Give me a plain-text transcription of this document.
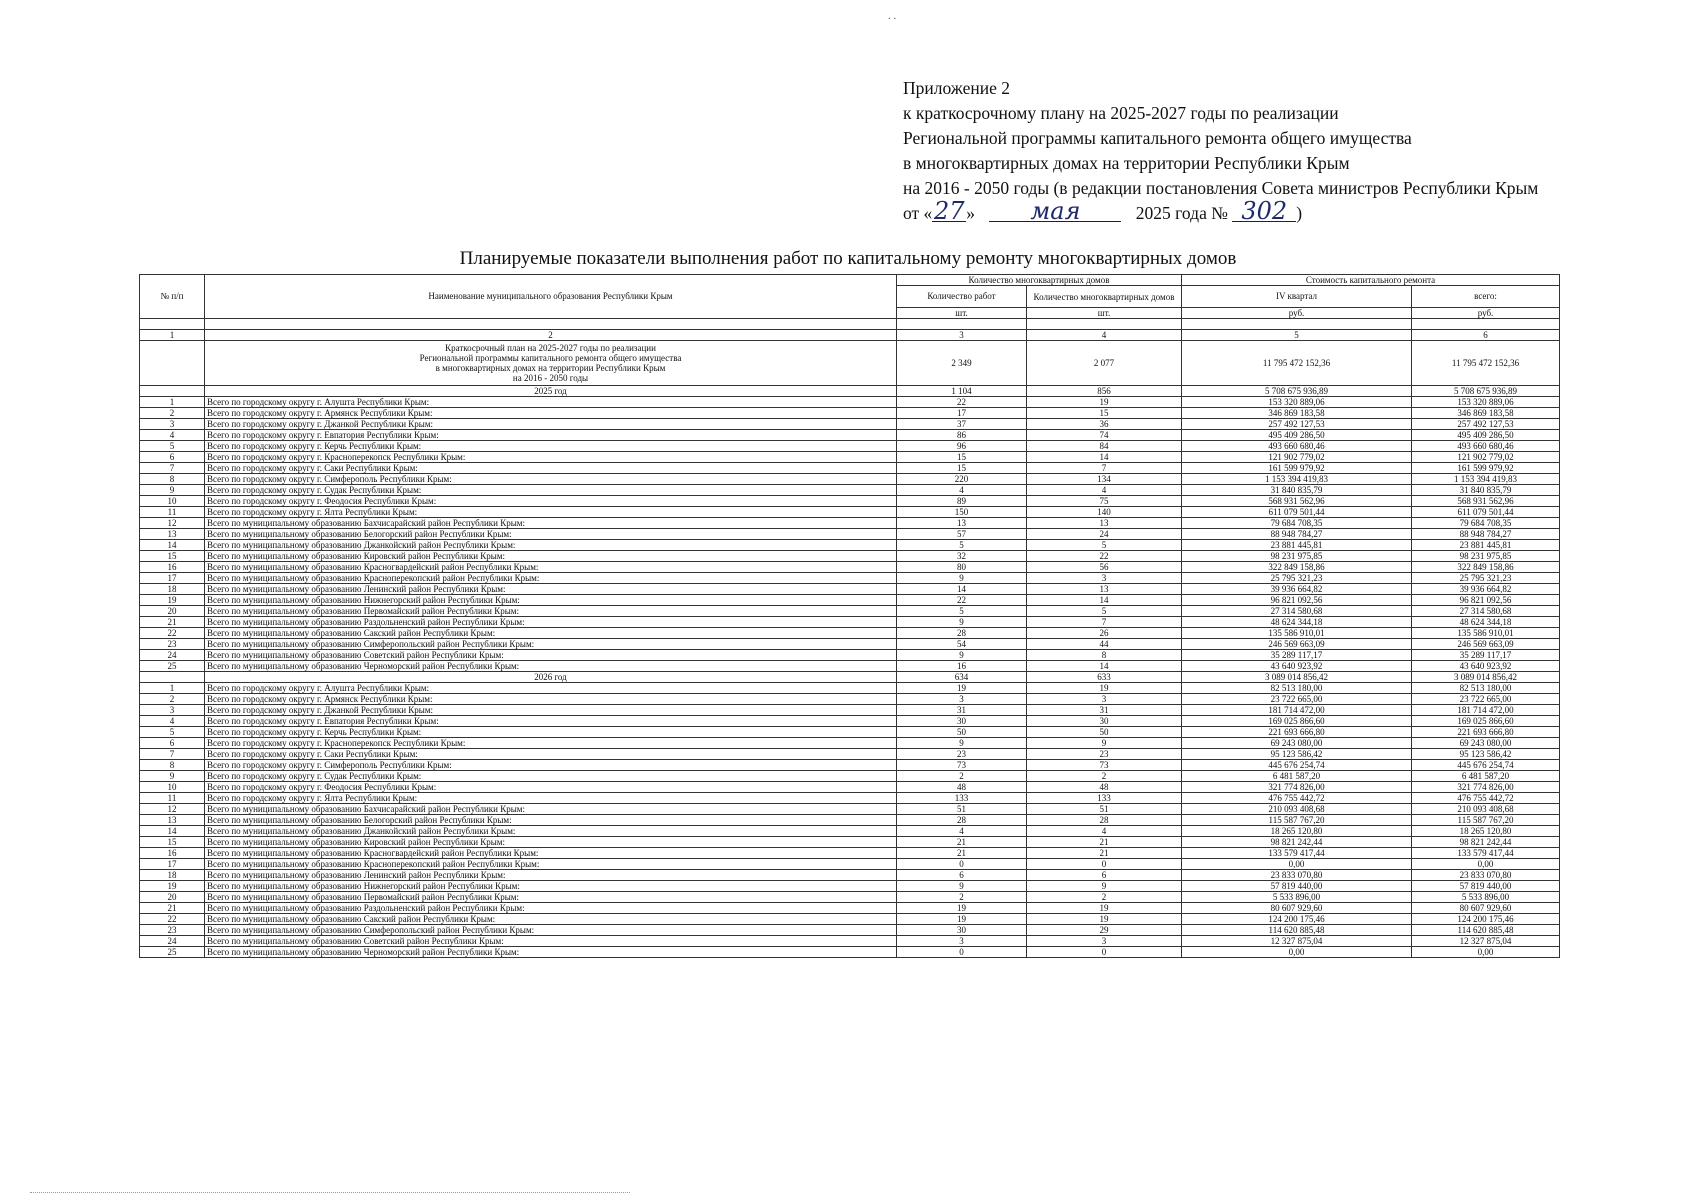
. .
Приложение 2
к краткосрочному плану на 2025-2027 годы по реализации
Региональной программы капитального ремонта общего имущества
в многоквартирных домах на территории Республики Крым
на 2016 - 2050 годы (в редакции постановления Совета министров Республики Крым
от «27» мая	2025 года № 302 )
Планируемые показатели выполнения работ по капитальному ремонту многоквартирных домов
№ п/п	Наименование муниципального образования Республики Крым	Количество многоквартирных домов		Стоимость капитального ремонта	
		Количество работ	Количество многоквартирных домов	IV квартал	всего:
		шт.	шт.	руб.	руб.

1	2	3	4	5	6

	Краткосрочный план на 2025-2027 годы по реализации
Региональной программы капитального ремонта общего имущества
в многоквартирных домах на территории Республики Крым
на 2016 - 2050 годы	2 349	2 077	11 795 472 152,36	11 795 472 152,36
	2025 год	1 104	856	5 708 675 936,89	5 708 675 936,89
1	Всего по городскому округу г. Алушта Республики Крым:	22	19	153 320 889,06	153 320 889,06
2	Всего по городскому округу г. Армянск Республики Крым:	17	15	346 869 183,58	346 869 183,58
3	Всего по городскому округу г. Джанкой Республики Крым:	37	36	257 492 127,53	257 492 127,53
4	Всего по городскому округу г. Евпатория Республики Крым:	86	74	495 409 286,50	495 409 286,50
5	Всего по городскому округу г. Керчь Республики Крым:	96	84	493 660 680,46	493 660 680,46
6	Всего по городскому округу г. Красноперекопск Республики Крым:	15	14	121 902 779,02	121 902 779,02
7	Всего по городскому округу г. Саки Республики Крым:	15	7	161 599 979,92	161 599 979,92
8	Всего по городскому округу г. Симферополь Республики Крым:	220	134	1 153 394 419,83	1 153 394 419,83
9	Всего по городскому округу г. Судак Республики Крым:	4	4	31 840 835,79	31 840 835,79
10	Всего по городскому округу г. Феодосия Республики Крым:	89	75	568 931 562,96	568 931 562,96
11	Всего по городскому округу г. Ялта Республики Крым:	150	140	611 079 501,44	611 079 501,44
12	Всего по муниципальному образованию Бахчисарайский район Республики Крым:	13	13	79 684 708,35	79 684 708,35
13	Всего по муниципальному образованию Белогорский район Республики Крым:	57	24	88 948 784,27	88 948 784,27
14	Всего по муниципальному образованию Джанкойский район Республики Крым:	5	5	23 881 445,81	23 881 445,81
15	Всего по муниципальному образованию Кировский район Республики Крым:	32	22	98 231 975,85	98 231 975,85
16	Всего по муниципальному образованию Красногвардейский район Республики Крым:	80	56	322 849 158,86	322 849 158,86
17	Всего по муниципальному образованию Красноперекопский район Республики Крым:	9	3	25 795 321,23	25 795 321,23
18	Всего по муниципальному образованию Ленинский район Республики Крым:	14	13	39 936 664,82	39 936 664,82
19	Всего по муниципальному образованию Нижнегорский район Республики Крым:	22	14	96 821 092,56	96 821 092,56
20	Всего по муниципальному образованию Первомайский район Республики Крым:	5	5	27 314 580,68	27 314 580,68
21	Всего по муниципальному образованию Раздольненский район Республики Крым:	9	7	48 624 344,18	48 624 344,18
22	Всего по муниципальному образованию Сакский район Республики Крым:	28	26	135 586 910,01	135 586 910,01
23	Всего по муниципальному образованию Симферопольский район Республики Крым:	54	44	246 569 663,09	246 569 663,09
24	Всего по муниципальному образованию Советский район Республики Крым:	9	8	35 289 117,17	35 289 117,17
25	Всего по муниципальному образованию Черноморский район Республики Крым:	16	14	43 640 923,92	43 640 923,92
	2026 год	634	633	3 089 014 856,42	3 089 014 856,42
1	Всего по городскому округу г. Алушта Республики Крым:	19	19	82 513 180,00	82 513 180,00
2	Всего по городскому округу г. Армянск Республики Крым:	3	3	23 722 665,00	23 722 665,00
3	Всего по городскому округу г. Джанкой Республики Крым:	31	31	181 714 472,00	181 714 472,00
4	Всего по городскому округу г. Евпатория Республики Крым:	30	30	169 025 866,60	169 025 866,60
5	Всего по городскому округу г. Керчь Республики Крым:	50	50	221 693 666,80	221 693 666,80
6	Всего по городскому округу г. Красноперекопск Республики Крым:	9	9	69 243 080,00	69 243 080,00
7	Всего по городскому округу г. Саки Республики Крым:	23	23	95 123 586,42	95 123 586,42
8	Всего по городскому округу г. Симферополь Республики Крым:	73	73	445 676 254,74	445 676 254,74
9	Всего по городскому округу г. Судак Республики Крым:	2	2	6 481 587,20	6 481 587,20
10	Всего по городскому округу г. Феодосия Республики Крым:	48	48	321 774 826,00	321 774 826,00
11	Всего по городскому округу г. Ялта Республики Крым:	133	133	476 755 442,72	476 755 442,72
12	Всего по муниципальному образованию Бахчисарайский район Республики Крым:	51	51	210 093 408,68	210 093 408,68
13	Всего по муниципальному образованию Белогорский район Республики Крым:	28	28	115 587 767,20	115 587 767,20
14	Всего по муниципальному образованию Джанкойский район Республики Крым:	4	4	18 265 120,80	18 265 120,80
15	Всего по муниципальному образованию Кировский район Республики Крым:	21	21	98 821 242,44	98 821 242,44
16	Всего по муниципальному образованию Красногвардейский район Республики Крым:	21	21	133 579 417,44	133 579 417,44
17	Всего по муниципальному образованию Красноперекопский район Республики Крым:	0	0	0,00	0,00
18	Всего по муниципальному образованию Ленинский район Республики Крым:	6	6	23 833 070,80	23 833 070,80
19	Всего по муниципальному образованию Нижнегорский район Республики Крым:	9	9	57 819 440,00	57 819 440,00
20	Всего по муниципальному образованию Первомайский район Республики Крым:	2	2	5 533 896,00	5 533 896,00
21	Всего по муниципальному образованию Раздольненский район Республики Крым:	19	19	80 607 929,60	80 607 929,60
22	Всего по муниципальному образованию Сакский район Республики Крым:	19	19	124 200 175,46	124 200 175,46
23	Всего по муниципальному образованию Симферопольский район Республики Крым:	30	29	114 620 885,48	114 620 885,48
24	Всего по муниципальному образованию Советский район Республики Крым:	3	3	12 327 875,04	12 327 875,04
25	Всего по муниципальному образованию Черноморский район Республики Крым:	0	0	0,00	0,00
